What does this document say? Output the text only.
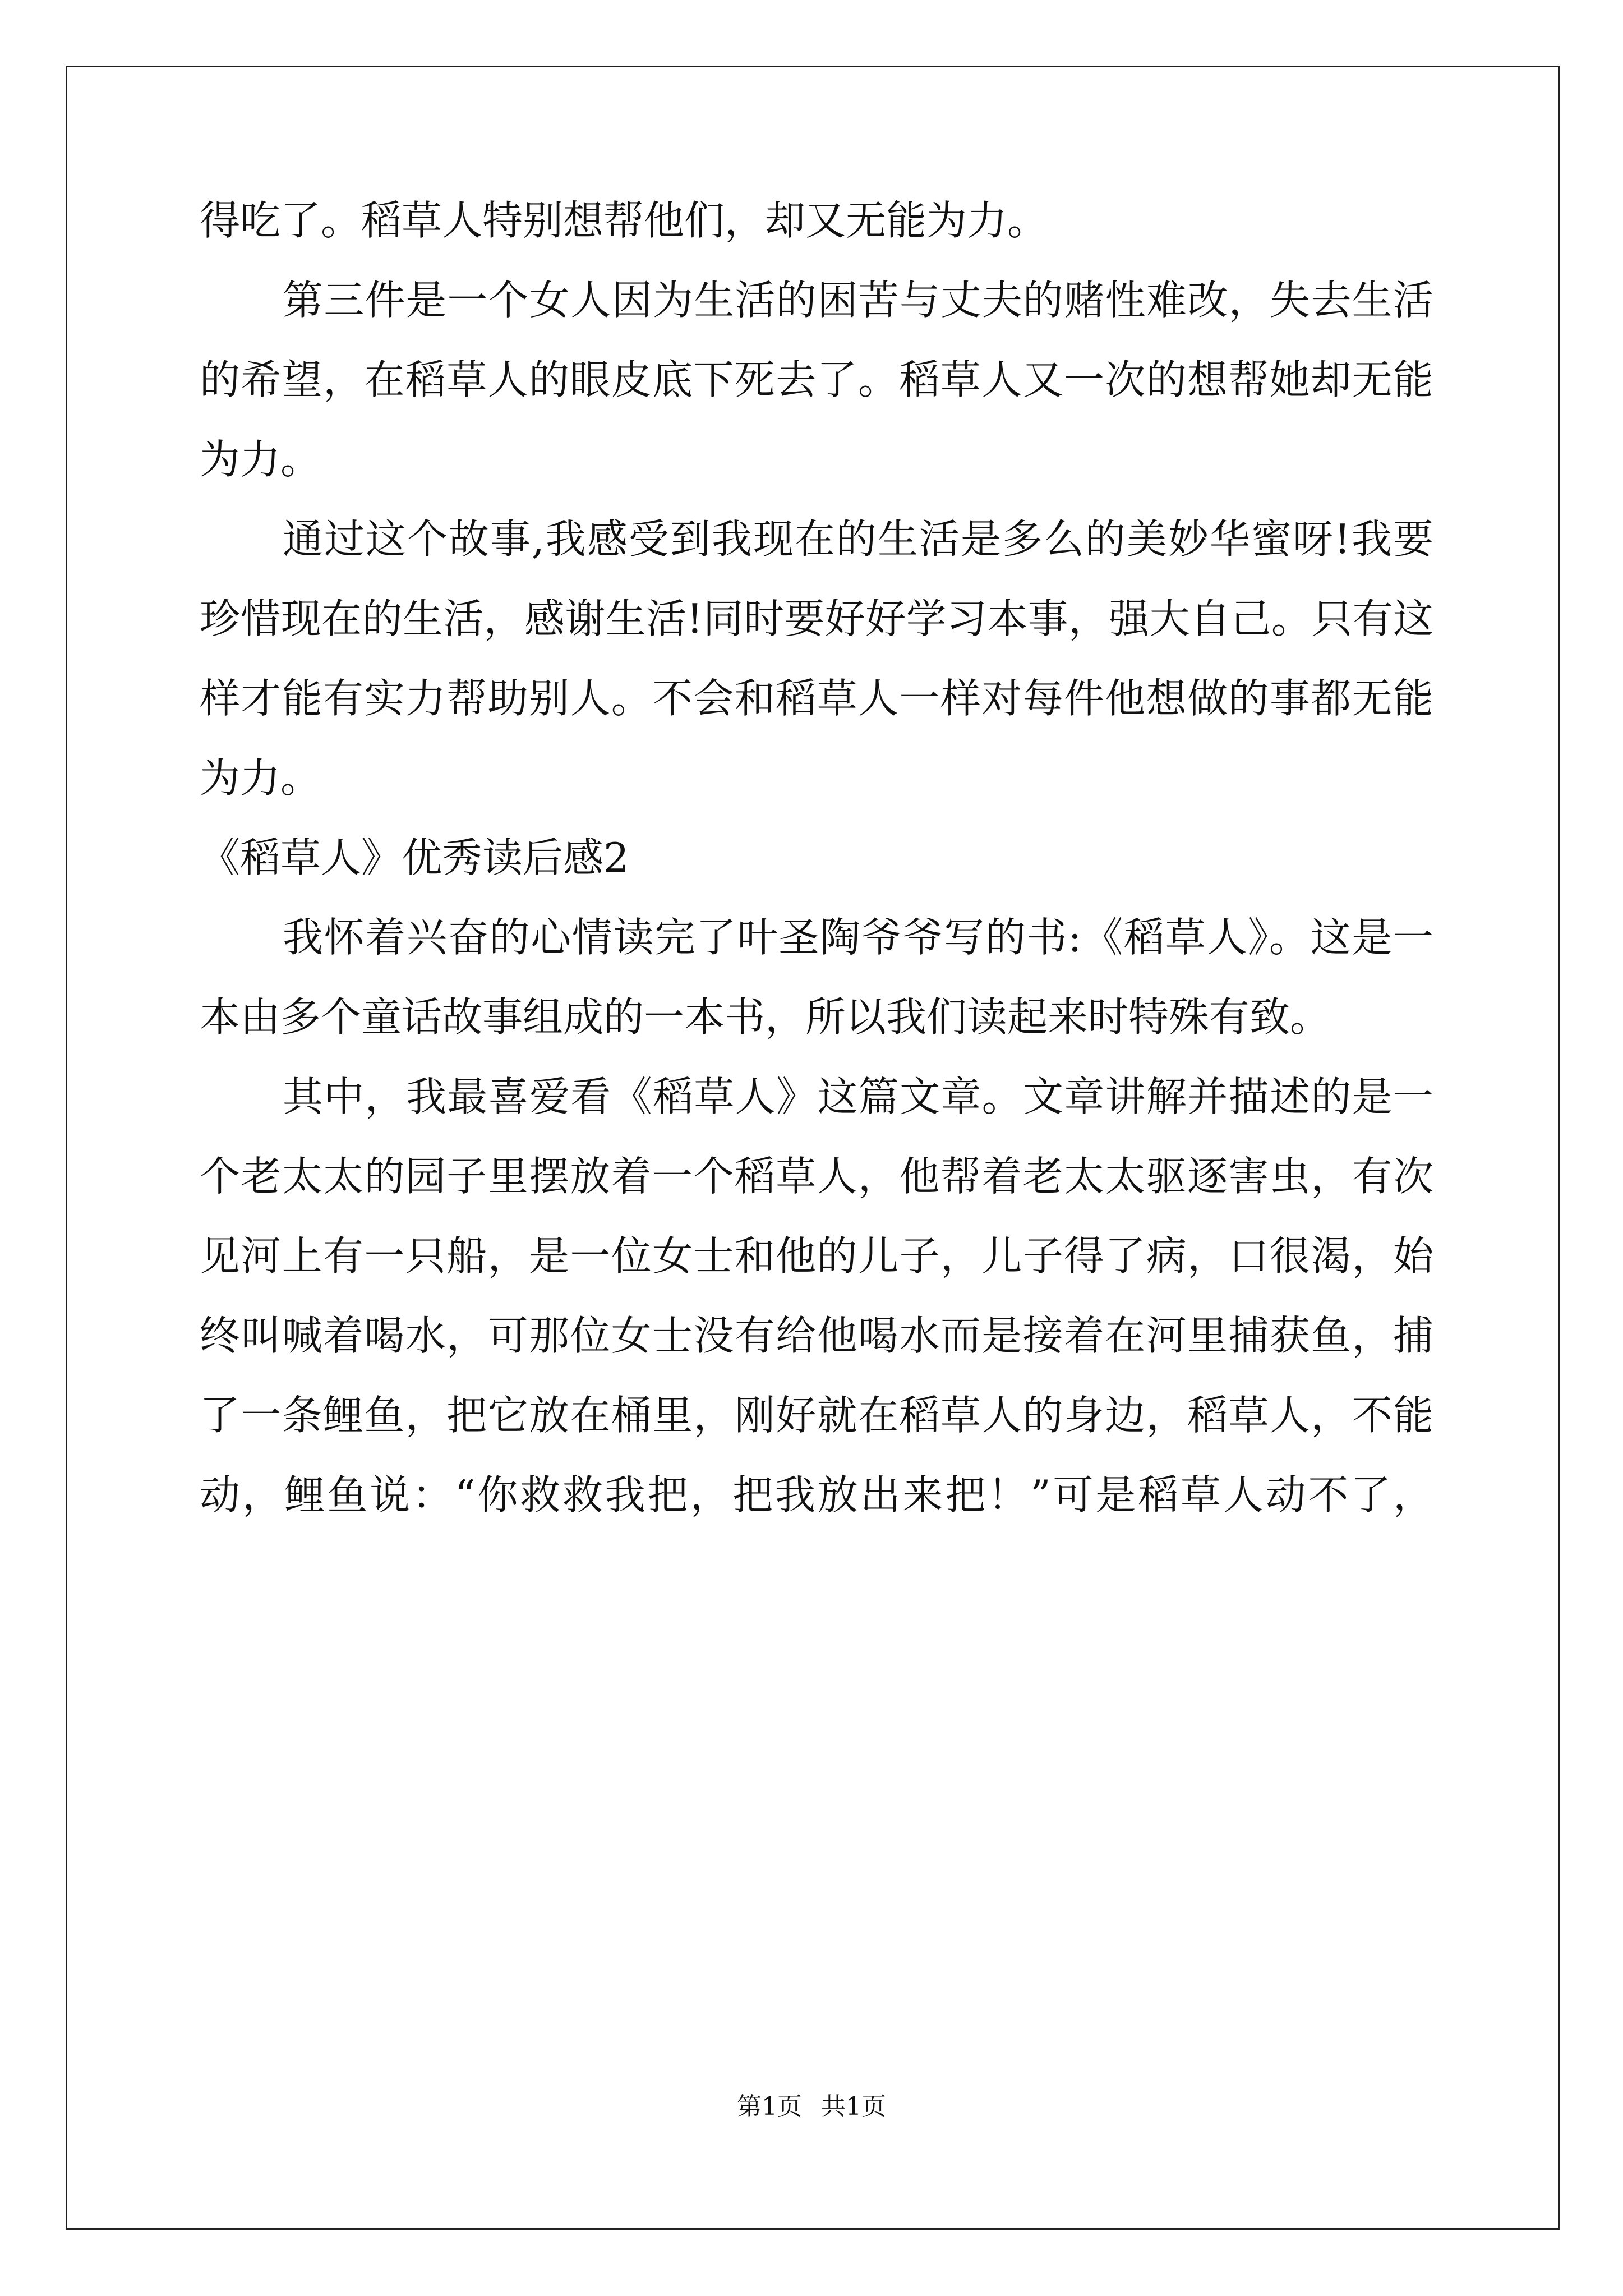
得吃了。稻草人特别想帮他们，却又无能为力。
第三件是一个女人因为生活的困苦与丈夫的赌性难改，失去生活
的希望，在稻草人的眼皮底下死去了。稻草人又一次的想帮她却无能
为力。
通过这个故事,我感受到我现在的生活是多么的美妙华蜜呀!我要
珍惜现在的生活，感谢生活!同时要好好学习本事，强大自己。只有这
样才能有实力帮助别人。不会和稻草人一样对每件他想做的事都无能
为力。
《稻草人》优秀读后感2
我怀着兴奋的心情读完了叶圣陶爷爷写的书:《稻草人》。这是一
本由多个童话故事组成的一本书，所以我们读起来时特殊有致。
其中，我最喜爱看《稻草人》这篇文章。文章讲解并描述的是一
个老太太的园子里摆放着一个稻草人，他帮着老太太驱逐害虫，有次
见河上有一只船，是一位女士和他的儿子，儿子得了病，口很渴，始
终叫喊着喝水，可那位女士没有给他喝水而是接着在河里捕获鱼，捕
了一条鲤鱼，把它放在桶里，刚好就在稻草人的身边，稻草人，不能
动，鲤鱼说：“你救救我把，把我放出来把！”可是稻草人动不了，
第1页 共1页
